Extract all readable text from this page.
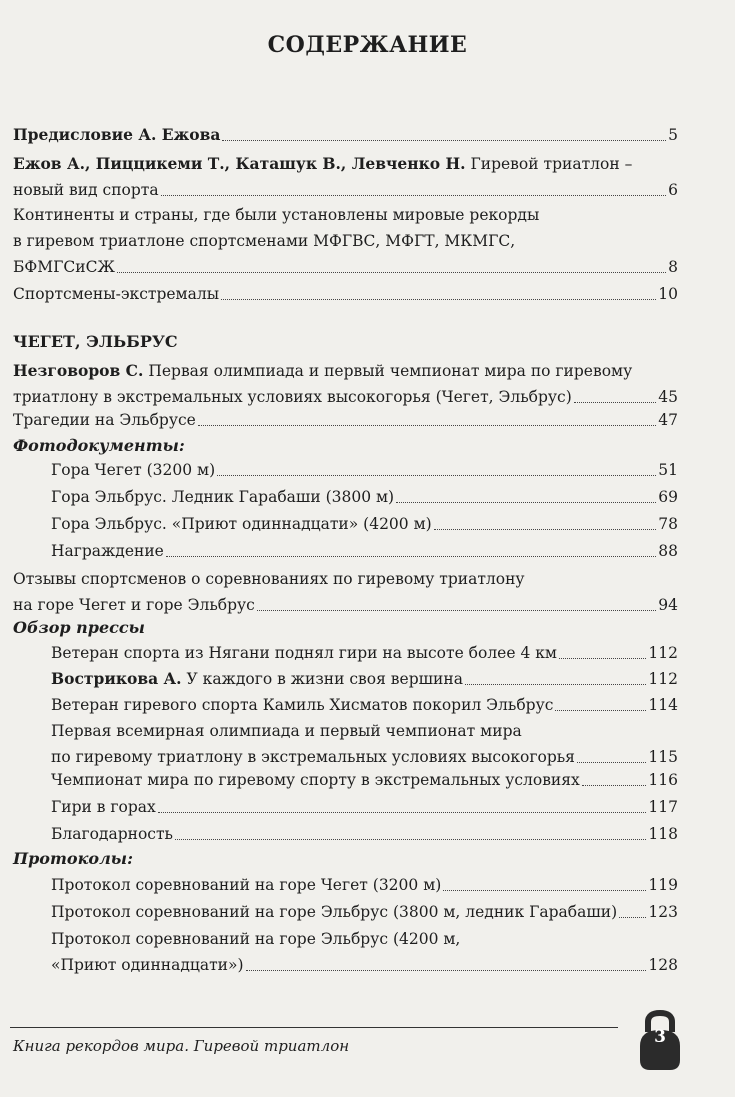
СОДЕРЖАНИЕ
Предисловие А. Ежова	5
Ежов А., Пиццикеми Т., Каташук В., Левченко Н. Гиревой триатлон –
новый вид спорта	6
Континенты и страны, где были установлены мировые рекорды
в гиревом триатлоне спортсменами МФГВС, МФГТ, МКМГС,
БФМГСиСЖ	8
Спортсмены-экстремалы	10
ЧЕГЕТ, ЭЛЬБРУС
Незговоров С. Первая олимпиада и первый чемпионат мира по гиревому
триатлону в экстремальных условиях высокогорья (Чегет, Эльбрус)	45
Трагедии на Эльбрусе	47
Фотодокументы:
Гора Чегет (3200 м)	51
Гора Эльбрус. Ледник Гарабаши (3800 м)	69
Гора Эльбрус. «Приют одиннадцати» (4200 м)	78
Награждение	88
Отзывы спортсменов о соревнованиях по гиревому триатлону
на горе Чегет и горе Эльбрус	94
Обзор прессы
Ветеран спорта из Нягани поднял гири на высоте более 4 км	112
Вострикова А. У каждого в жизни своя вершина	112
Ветеран гиревого спорта Камиль Хисматов покорил Эльбрус	114
Первая всемирная олимпиада и первый чемпионат мира
по гиревому триатлону в экстремальных условиях высокогорья	115
Чемпионат мира по гиревому спорту в экстремальных условиях	116
Гири в горах	117
Благодарность	118
Протоколы:
Протокол соревнований на горе Чегет (3200 м)	119
Протокол соревнований на горе Эльбрус (3800 м, ледник Гарабаши) 123
Протокол соревнований на горе Эльбрус (4200 м,
«Приют одиннадцати»)	128
Книга рекордов мира. Гиревой триатлон	3
